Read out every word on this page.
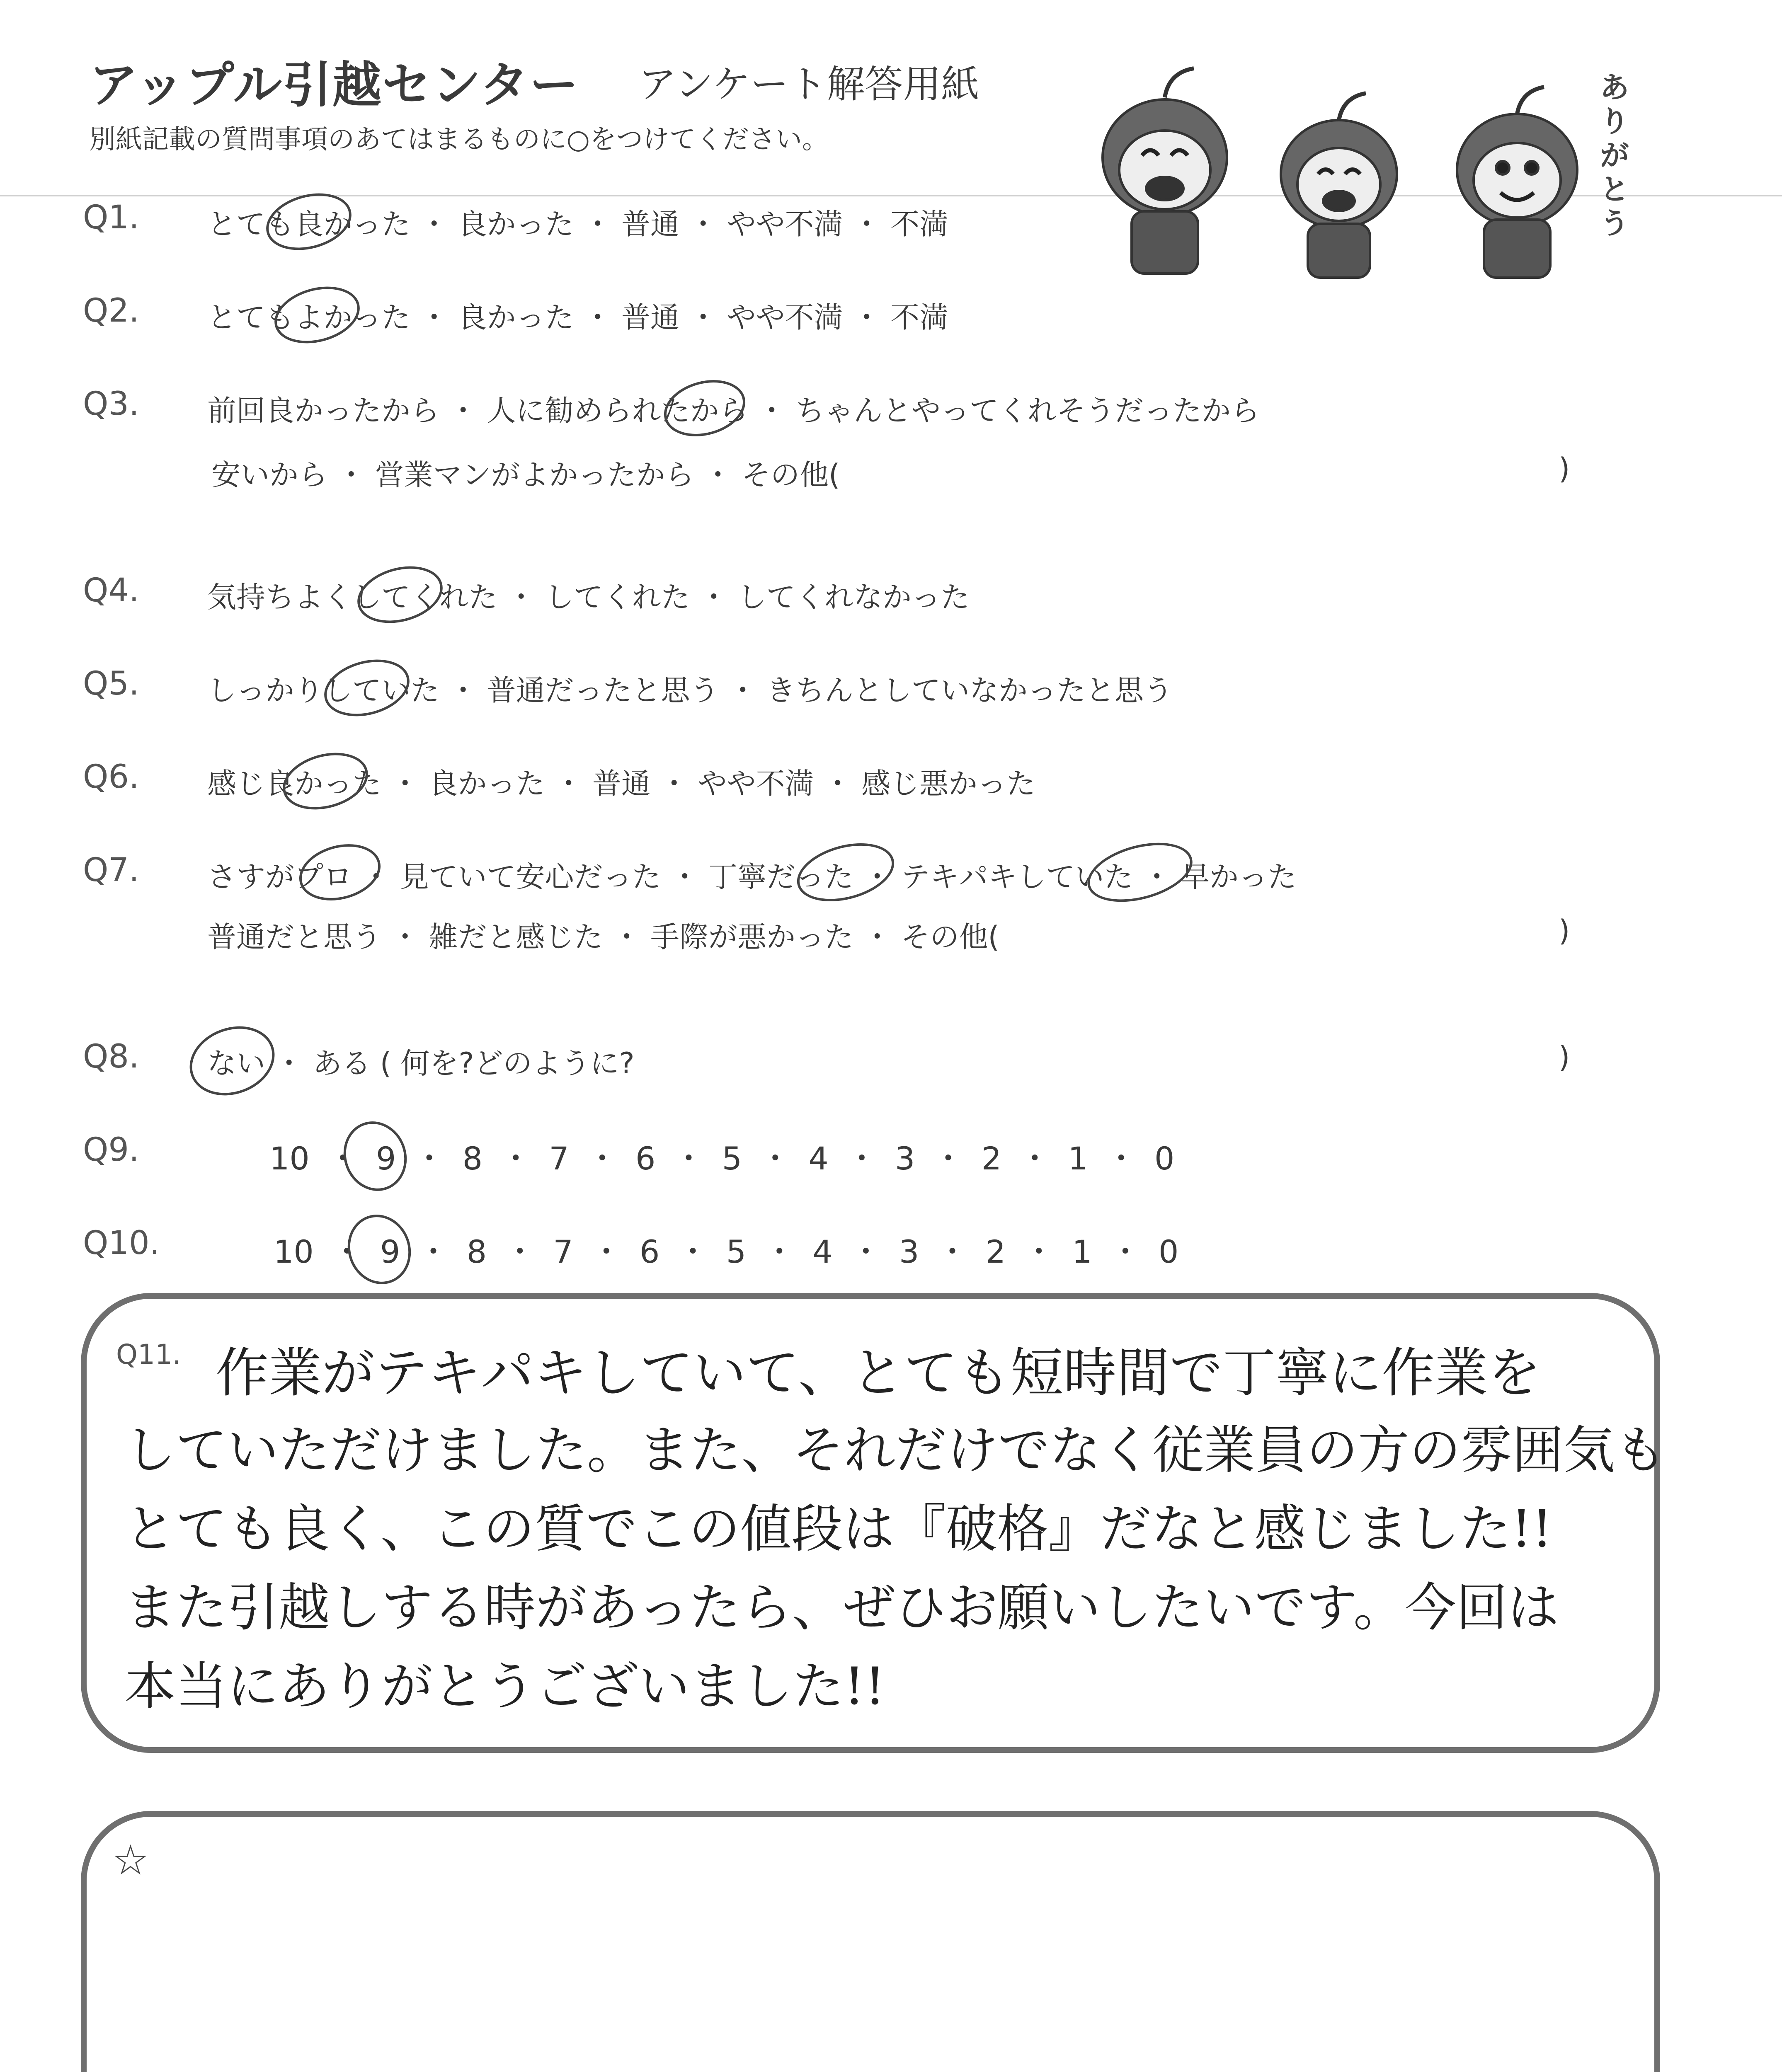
アップル引越センター アンケート解答用紙
別紙記載の質問事項のあてはまるものに○をつけてください。
ありがとう
Q1. とても良かった ・ 良かった ・ 普通 ・ やや不満 ・ 不満
Q2. とてもよかった ・ 良かった ・ 普通 ・ やや不満 ・ 不満
Q3. 前回良かったから ・ 人に勧められたから ・ ちゃんとやってくれそうだったから
安いから ・ 営業マンがよかったから ・ その他(	)
Q4. 気持ちよくしてくれた ・ してくれた ・ してくれなかった
Q5. しっかりしていた ・ 普通だったと思う ・ きちんとしていなかったと思う
Q6. 感じ良かった ・ 良かった ・ 普通 ・ やや不満 ・ 感じ悪かった
Q7. さすがプロ ・ 見ていて安心だった ・ 丁寧だった ・ テキパキしていた ・ 早かった
普通だと思う ・ 雑だと感じた ・ 手際が悪かった ・ その他(	)
Q8. ない ・ ある ( 何を?どのように?	)
Q9.	10 ・ 9 ・ 8 ・ 7 ・ 6 ・ 5 ・ 4 ・ 3 ・ 2 ・ 1 ・ 0
Q10.	10 ・ 9 ・ 8 ・ 7 ・ 6 ・ 5 ・ 4 ・ 3 ・ 2 ・ 1 ・ 0
Q11. 作業がテキパキしていて、とても短時間で丁寧に作業を
していただけました。また、それだけでなく従業員の方の雰囲気も
とても良く、この質でこの値段は『破格』だなと感じました!!
また引越しする時があったら、ぜひお願いしたいです。今回は
本当にありがとうございました!!
☆
